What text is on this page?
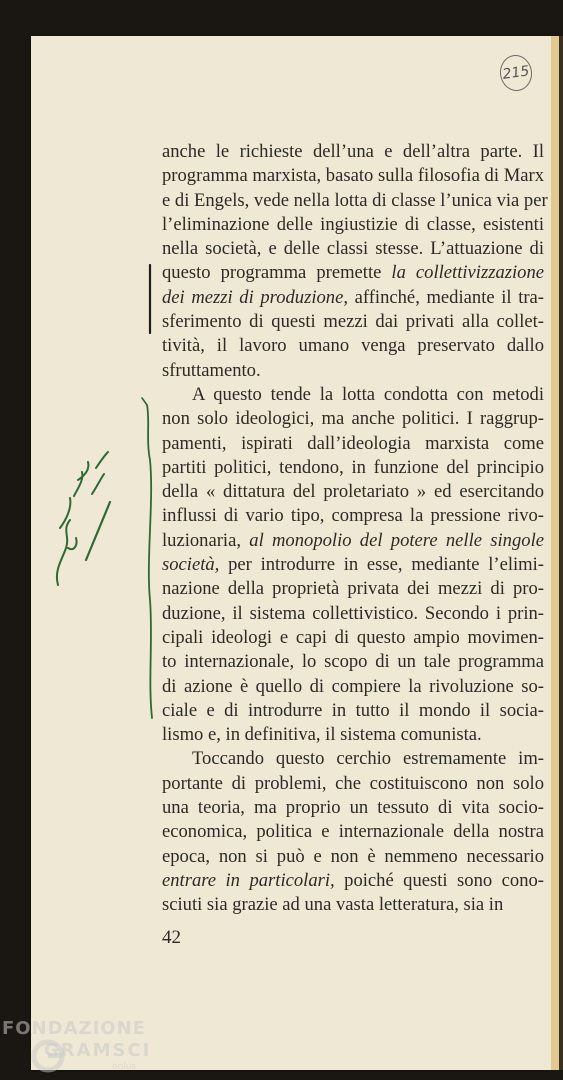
215
anche le richieste dell’una e dell’altra parte. Il
programma marxista, basato sulla filosofia di Marx
e di Engels, vede nella lotta di classe l’unica via per
l’eliminazione delle ingiustizie di classe, esistenti
nella società, e delle classi stesse. L’attuazione di
questo programma premette la collettivizzazione
dei mezzi di produzione, affinché, mediante il tra-
sferimento di questi mezzi dai privati alla collet-
tività, il lavoro umano venga preservato dallo
sfruttamento.
A questo tende la lotta condotta con metodi
non solo ideologici, ma anche politici. I raggrup-
pamenti, ispirati dall’ideologia marxista come
partiti politici, tendono, in funzione del principio
della « dittatura del proletariato » ed esercitando
influssi di vario tipo, compresa la pressione rivo-
luzionaria, al monopolio del potere nelle singole
società, per introdurre in esse, mediante l’elimi-
nazione della proprietà privata dei mezzi di pro-
duzione, il sistema collettivistico. Secondo i prin-
cipali ideologi e capi di questo ampio movimen-
to internazionale, lo scopo di un tale programma
di azione è quello di compiere la rivoluzione so-
ciale e di introdurre in tutto il mondo il socia-
lismo e, in definitiva, il sistema comunista.
Toccando questo cerchio estremamente im-
portante di problemi, che costituiscono non solo
una teoria, ma proprio un tessuto di vita socio-
economica, politica e internazionale della nostra
epoca, non si può e non è nemmeno necessario
entrare in particolari, poiché questi sono cono-
sciuti sia grazie ad una vasta letteratura, sia in
42
FONDAZIONE
GRAMSCI
onlus
